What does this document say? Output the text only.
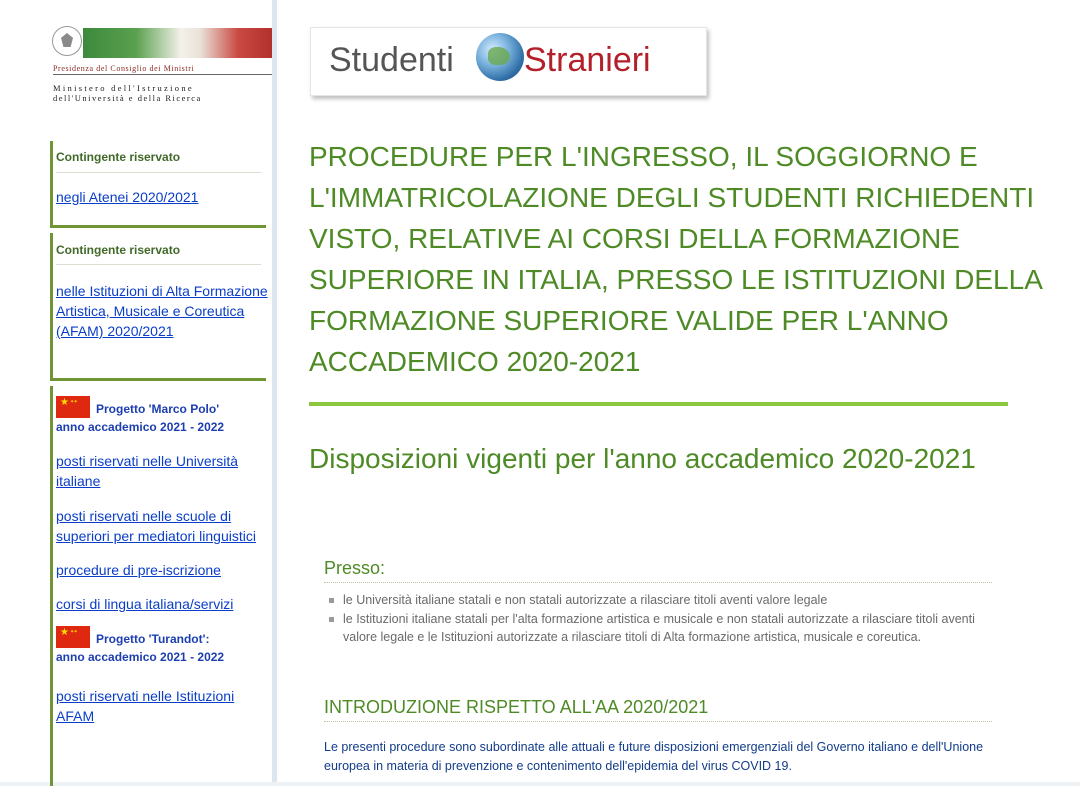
Presidenza del Consiglio dei Ministri
Ministero dell'Istruzione
dell'Università e della Ricerca
Contingente riservato
negli Atenei 2020/2021
Contingente riservato
nelle Istituzioni di Alta Formazione Artistica, Musicale e Coreutica (AFAM) 2020/2021
★ ✦ ✦
Progetto 'Marco Polo'
anno accademico 2021 - 2022
posti riservati nelle Università italiane
posti riservati nelle scuole di superiori per mediatori linguistici
procedure di pre-iscrizione
corsi di lingua italiana/servizi
★ ✦ ✦
Progetto 'Turandot':
anno accademico 2021 - 2022
posti riservati nelle Istituzioni AFAM
Studenti Stranieri
PROCEDURE PER L'INGRESSO, IL SOGGIORNO E L'IMMATRICOLAZIONE DEGLI STUDENTI RICHIEDENTI VISTO, RELATIVE AI CORSI DELLA FORMAZIONE SUPERIORE IN ITALIA, PRESSO LE ISTITUZIONI DELLA FORMAZIONE SUPERIORE VALIDE PER L'ANNO ACCADEMICO 2020-2021
Disposizioni vigenti per l'anno accademico 2020-2021
Presso:
le Università italiane statali e non statali autorizzate a rilasciare titoli aventi valore legale
le Istituzioni italiane statali per l'alta formazione artistica e musicale e non statali autorizzate a rilasciare titoli aventi valore legale e le Istituzioni autorizzate a rilasciare titoli di Alta formazione artistica, musicale e coreutica.
INTRODUZIONE RISPETTO ALL'AA 2020/2021

Le presenti procedure sono subordinate alle attuali e future disposizioni emergenziali del Governo italiano e dell'Unione europea in materia di prevenzione e contenimento dell'epidemia del virus COVID 19.
